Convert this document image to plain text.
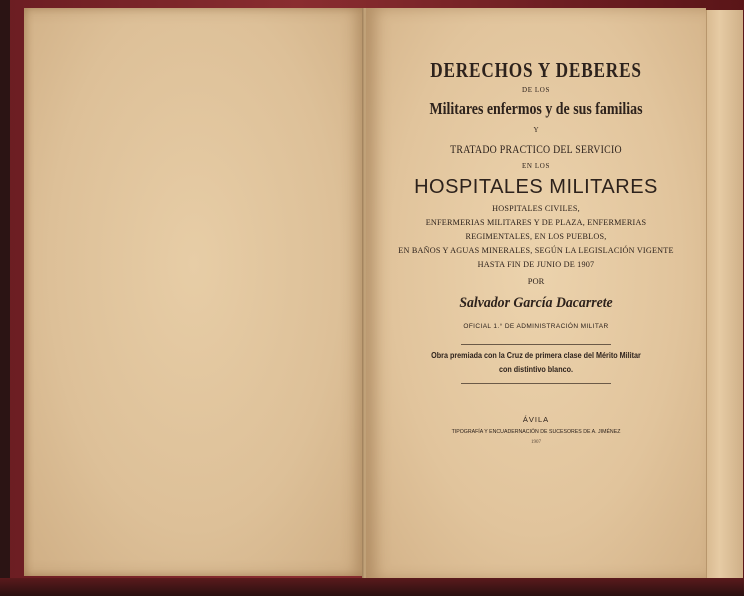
DERECHOS Y DEBERES
DE LOS
Militares enfermos y de sus familias
Y
TRATADO PRACTICO DEL SERVICIO
EN LOS
HOSPITALES MILITARES
HOSPITALES CIVILES,
ENFERMERIAS MILITARES Y DE PLAZA, ENFERMERIAS
REGIMENTALES, EN LOS PUEBLOS,
EN BAÑOS Y AGUAS MINERALES, SEGÚN LA LEGISLACIÓN VIGENTE
HASTA FIN DE JUNIO DE 1907
POR
Salvador García Dacarrete
OFICIAL 1.° DE ADMINISTRACIÓN MILITAR
Obra premiada con la Cruz de primera clase del Mérito Militar
con distintivo blanco.
ÁVILA
TIPOGRAFÍA Y ENCUADERNACIÓN DE SUCESORES DE A. JIMÉNEZ
1907
